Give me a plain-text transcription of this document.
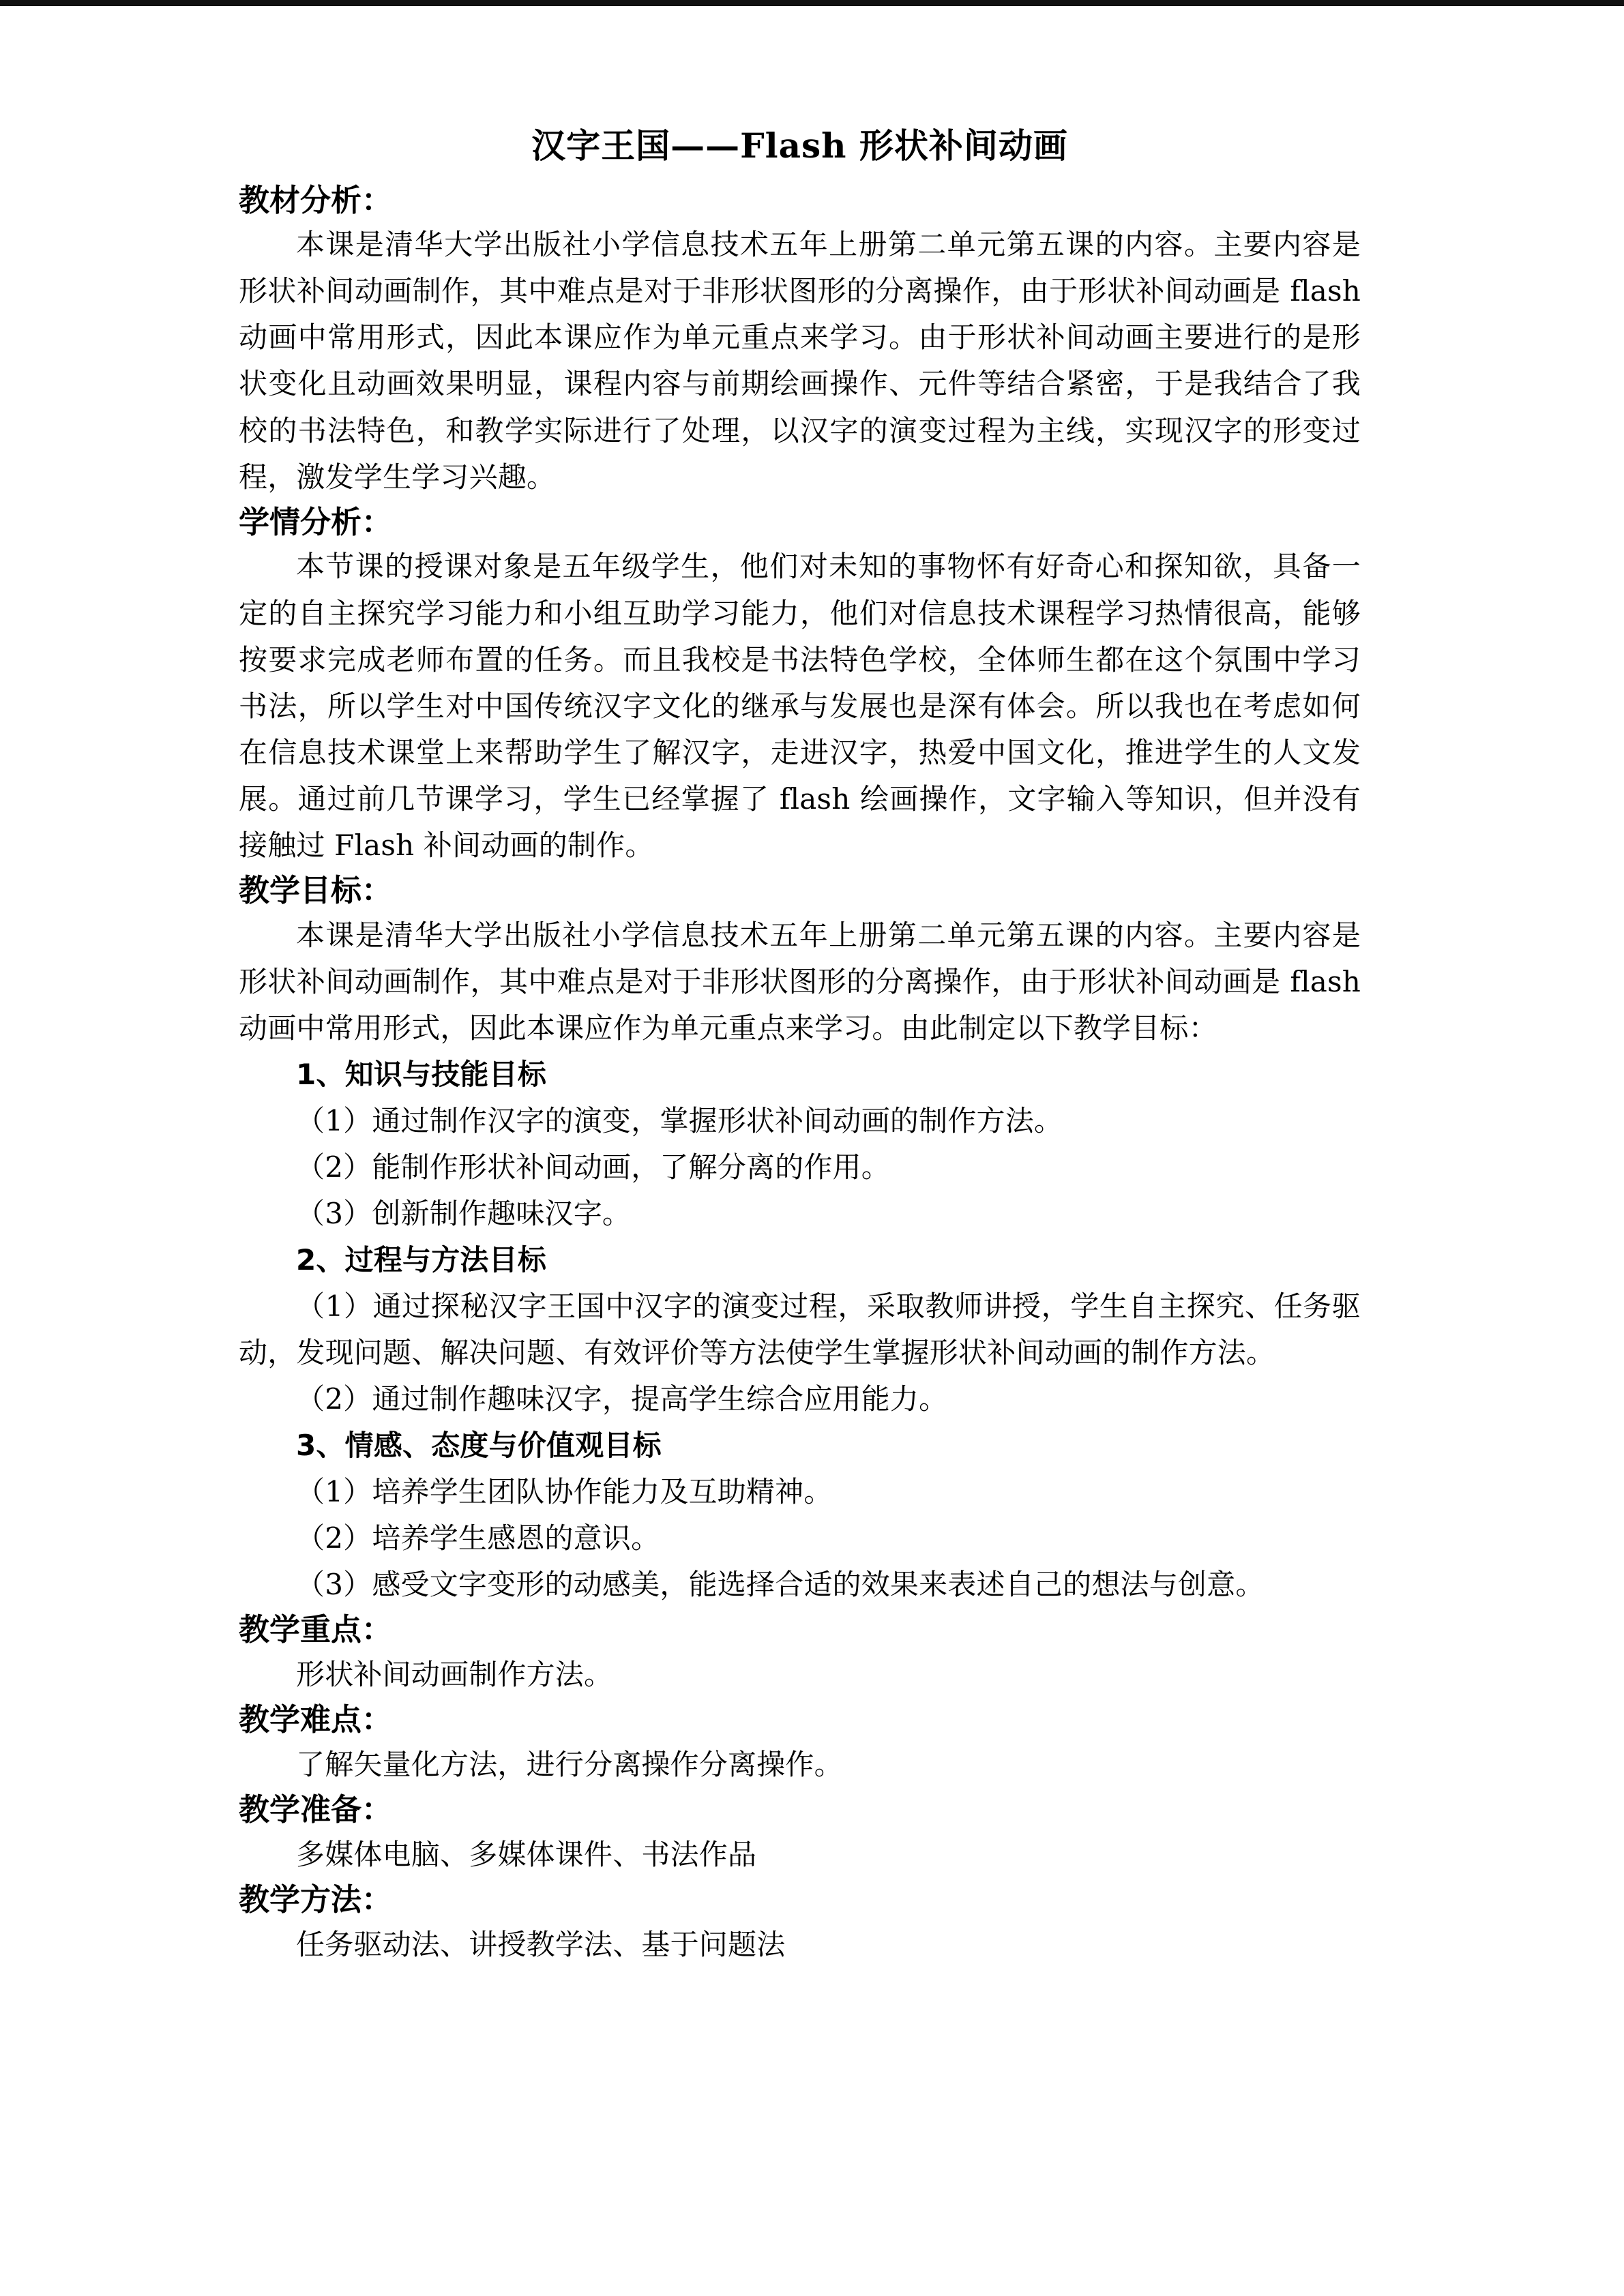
汉字王国——Flash 形状补间动画
教材分析：

本课是清华大学出版社小学信息技术五年上册第二单元第五课的内容。主要内容是形状补间动画制作，其中难点是对于非形状图形的分离操作，由于形状补间动画是 flash 动画中常用形式，因此本课应作为单元重点来学习。由于形状补间动画主要进行的是形状变化且动画效果明显，课程内容与前期绘画操作、元件等结合紧密，于是我结合了我校的书法特色，和教学实际进行了处理，以汉字的演变过程为主线，实现汉字的形变过程，激发学生学习兴趣。

学情分析：

本节课的授课对象是五年级学生，他们对未知的事物怀有好奇心和探知欲，具备一定的自主探究学习能力和小组互助学习能力，他们对信息技术课程学习热情很高，能够按要求完成老师布置的任务。而且我校是书法特色学校，全体师生都在这个氛围中学习书法，所以学生对中国传统汉字文化的继承与发展也是深有体会。所以我也在考虑如何在信息技术课堂上来帮助学生了解汉字，走进汉字，热爱中国文化，推进学生的人文发展。通过前几节课学习，学生已经掌握了 flash 绘画操作，文字输入等知识，但并没有接触过 Flash 补间动画的制作。

教学目标：

本课是清华大学出版社小学信息技术五年上册第二单元第五课的内容。主要内容是形状补间动画制作，其中难点是对于非形状图形的分离操作，由于形状补间动画是 flash 动画中常用形式，因此本课应作为单元重点来学习。由此制定以下教学目标：

1、知识与技能目标

（1）通过制作汉字的演变，掌握形状补间动画的制作方法。

（2）能制作形状补间动画，了解分离的作用。

（3）创新制作趣味汉字。

2、过程与方法目标

（1）通过探秘汉字王国中汉字的演变过程，采取教师讲授，学生自主探究、任务驱动，发现问题、解决问题、有效评价等方法使学生掌握形状补间动画的制作方法。

（2）通过制作趣味汉字，提高学生综合应用能力。

3、情感、态度与价值观目标

（1）培养学生团队协作能力及互助精神。

（2）培养学生感恩的意识。

（3）感受文字变形的动感美，能选择合适的效果来表述自己的想法与创意。

教学重点：

形状补间动画制作方法。

教学难点：

了解矢量化方法，进行分离操作分离操作。

教学准备：

多媒体电脑、多媒体课件、书法作品

教学方法：

任务驱动法、讲授教学法、基于问题法
